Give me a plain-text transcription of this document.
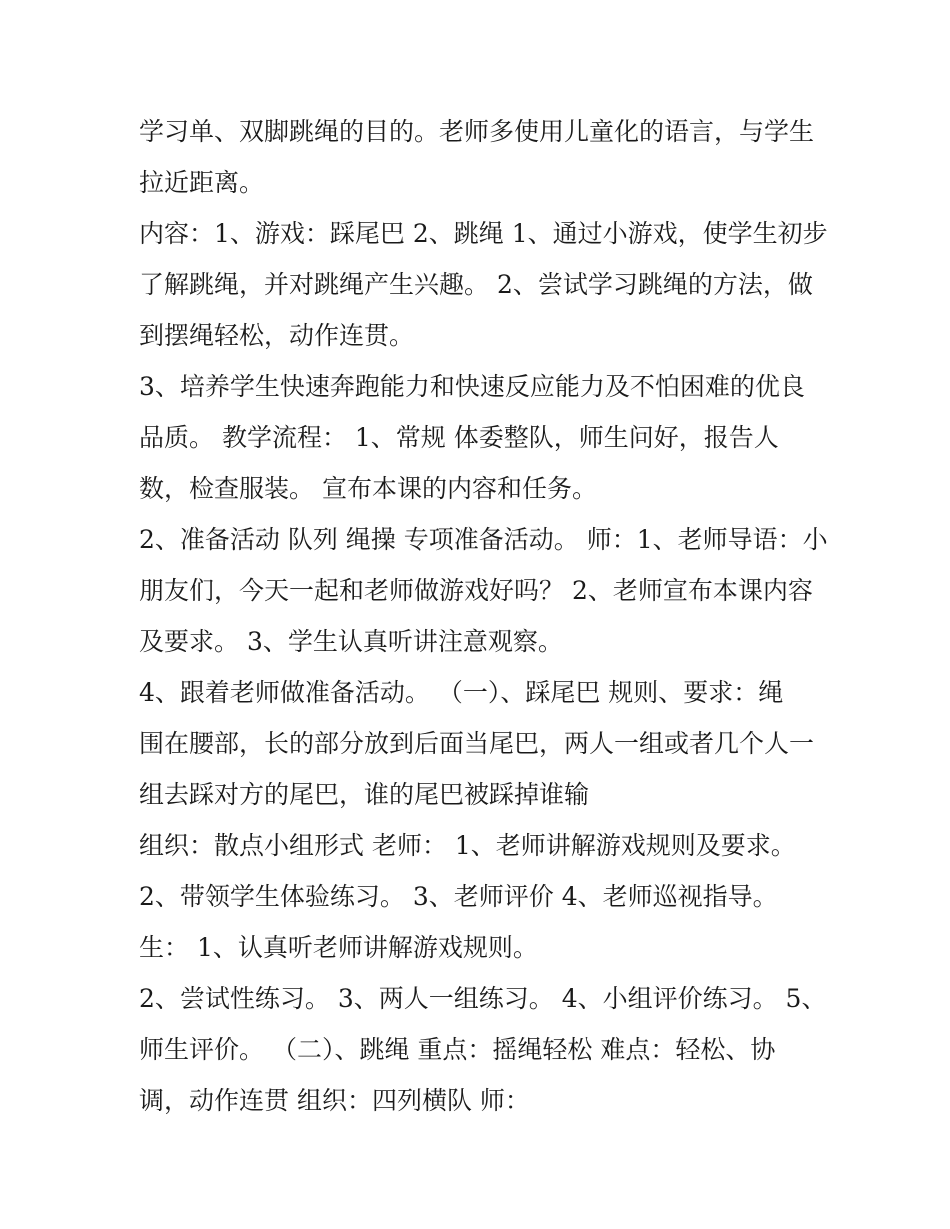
学习单、双脚跳绳的目的。老师多使用儿童化的语言，与学生
拉近距离。
内容：1、游戏：踩尾巴 2、跳绳 1、通过小游戏，使学生初步
了解跳绳，并对跳绳产生兴趣。 2、尝试学习跳绳的方法，做
到摆绳轻松，动作连贯。
3、培养学生快速奔跑能力和快速反应能力及不怕困难的优良
品质。 教学流程： 1、常规 体委整队，师生问好，报告人
数，检查服装。 宣布本课的内容和任务。
2、准备活动 队列 绳操 专项准备活动。 师：1、老师导语：小
朋友们，今天一起和老师做游戏好吗？ 2、老师宣布本课内容
及要求。 3、学生认真听讲注意观察。
4、跟着老师做准备活动。 （一）、踩尾巴 规则、要求：绳
围在腰部，长的部分放到后面当尾巴，两人一组或者几个人一
组去踩对方的尾巴，谁的尾巴被踩掉谁输
组织：散点小组形式 老师： 1、老师讲解游戏规则及要求。
2、带领学生体验练习。 3、老师评价 4、老师巡视指导。
生： 1、认真听老师讲解游戏规则。
2、尝试性练习。 3、两人一组练习。 4、小组评价练习。 5、
师生评价。 （二）、跳绳 重点：摇绳轻松 难点：轻松、协
调，动作连贯 组织：四列横队 师：
